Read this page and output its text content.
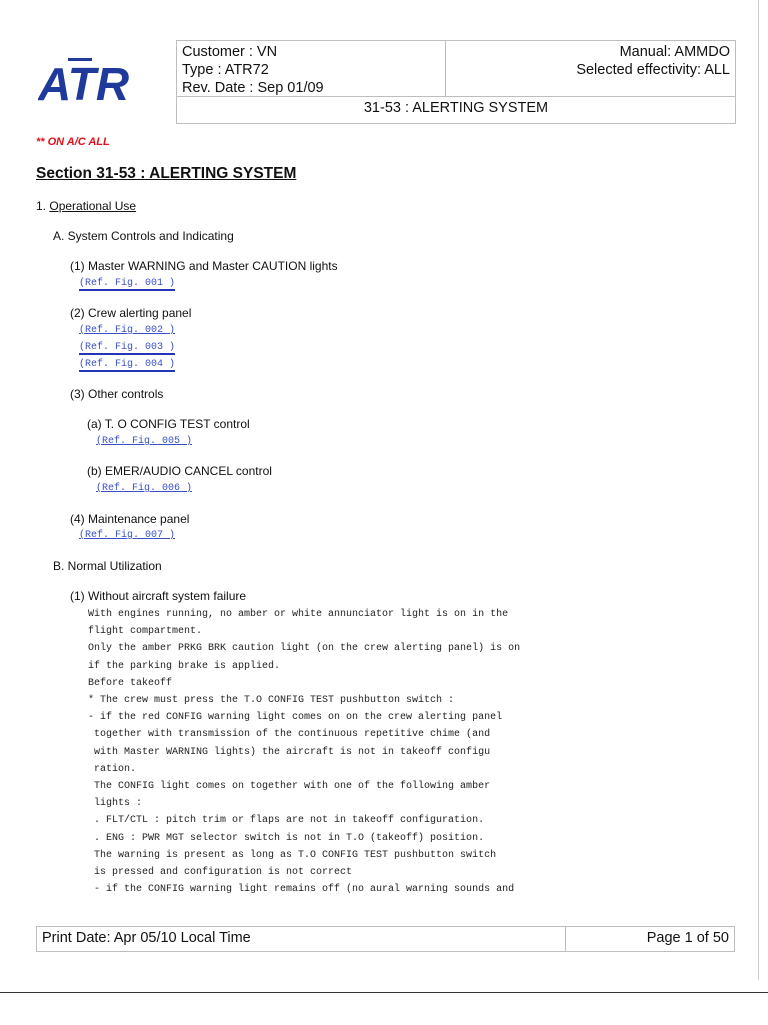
ATR
Customer : VN
Type : ATR72
Rev. Date : Sep 01/09
Manual: AMMDO
Selected effectivity: ALL
31-53 : ALERTING SYSTEM
** ON A/C ALL
Section 31-53 : ALERTING SYSTEM
1. Operational Use
A. System Controls and Indicating
(1) Master WARNING and Master CAUTION lights
(Ref. Fig. 001 )
(2) Crew alerting panel
(Ref. Fig. 002 )
(Ref. Fig. 003 )
(Ref. Fig. 004 )
(3) Other controls
(a) T. O CONFIG TEST control
(Ref. Fig. 005 )
(b) EMER/AUDIO CANCEL control
(Ref. Fig. 006 )
(4) Maintenance panel
(Ref. Fig. 007 )
B. Normal Utilization
(1) Without aircraft system failure
With engines running, no amber or white annunciator light is on in the
flight compartment.
Only the amber PRKG BRK caution light (on the crew alerting panel) is on
if the parking brake is applied.
Before takeoff
* The crew must press the T.O CONFIG TEST pushbutton switch :
- if the red CONFIG warning light comes on on the crew alerting panel
together with transmission of the continuous repetitive chime (and
with Master WARNING lights) the aircraft is not in takeoff configu
ration.
The CONFIG light comes on together with one of the following amber
lights :
. FLT/CTL : pitch trim or flaps are not in takeoff configuration.
. ENG : PWR MGT selector switch is not in T.O (takeoff) position.
The warning is present as long as T.O CONFIG TEST pushbutton switch
is pressed and configuration is not correct
- if the CONFIG warning light remains off (no aural warning sounds and
Print Date: Apr 05/10 Local Time	Page 1 of 50
